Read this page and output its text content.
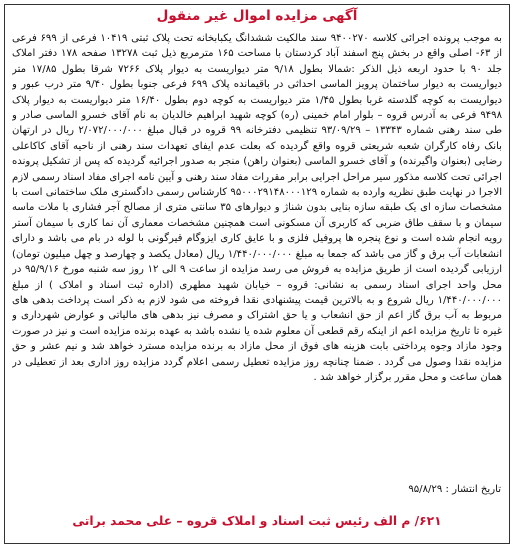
آگهی مزایده اموال غیر منقول
به موجب پرونده اجرائی کلاسه ۹۴۰۰۲۷۰ سند مالکیت ششدانگ یکبابخانه تحت پلاک ثبتی ۱۰۴۱۹ فرعی از ۶۹۹ فرعی از ۶۳- اصلی واقع در بخش پنج اسفند آباد کردستان با مساحت ۱۶۵ مترمربع ذیل ثبت ۱۳۲۷۸ صفحه ۱۷۸ دفتر املاک جلد ۹۰ با حدود اربعه ذیل الذکر :شمالا بطول ۹/۱۸ متر دیواریست به دیوار پلاک ۷۲۶۶ شرقا بطول ۱۷/۸۵ متر دیواریست به دیوار ساختمان پرویز الماسی احداثی در باقیمانده پلاک ۶۹۹ فرعی جنوبا بطول ۹/۴۰ متر درب عبور و دیواریست به کوچه گلدسته غربا بطول ۱/۴۵ متر دیواریست به کوچه دوم بطول ۱۶/۴۰ متر دیواریست به دیوار پلاک ۹۴۹۸ فرعی به آدرس قروه – بلوار امام خمینی (ره) کوچه شهید ابراهیم خالدیان به نام آقای خسرو الماسی صادر و طی سند رهنی شماره ۱۳۳۴۳ – ۹۳/۰۹/۲۹ تنظیمی دفترخانه ۹۹ قروه در قبال مبلغ ۲/۰۷۲/۰۰۰/۰۰۰ ریال در ارتهان بانک رفاه کارگران شعبه شریعتی قروه واقع گردیده که بعلت عدم ایفای تعهدات سند رهنی از ناحیه آقای کاکاعلی رضایی (بعنوان واگیرنده) و آقای خسرو الماسی (بعنوان راهن) منجر به صدور اجرائیه گردیده که پس از تشکیل پرونده اجرائی تحت کلاسه مذکور سیر مراحل اجرایی برابر مقررات مفاد سند رهنی و آیین نامه اجرای مفاد اسناد رسمی لازم الاجرا در نهایت طبق نظریه وارده به شماره ۹۵۰۰۰۲۹۱۴۸۰۰۰۱۲۹ کارشناس رسمی دادگستری ملک ساختمانی است با مشخصات سازه ای یک طبقه سازه بنایی بدون شناژ و دیوارهای ۳۵ سانتی متری از مصالح آجر فشاری با ملات ماسه سیمان و با سقف طاق ضربی که کاربری آن مسکونی است همچنین مشخصات معماری آن نما کاری با سیمان آستر رویه انجام شده است و نوع پنجره ها پروفیل فلزی و با عایق کاری ایزوگام قیرگونی با لوله در بام می باشد و دارای انشعابات آب برق و گاز می باشد که جمعا به مبلغ ۱/۴۴۰/۰۰۰/۰۰۰ ریال (معادل یکصد و چهارصد و چهل میلیون تومان) ارزیابی گردیده است از طریق مزایده به فروش می رسد مزایده از ساعت ۹ الی ۱۲ روز سه شنبه مورخ ۹۵/۹/۱۶ در محل واحد اجرای اسناد رسمی به نشانی: قروه – خیابان شهید مطهری (اداره ثبت اسناد و املاک ) از مبلغ ۱/۴۴۰/۰۰۰/۰۰۰ ریال شروع و به بالاترین قیمت پیشنهادی نقدا فروخته می شود لازم به ذکر است پرداخت بدهی های مربوط به آب برق گاز اعم از حق انشعاب و یا حق اشتراک و مصرف نیز بدهی های مالیاتی و عوارض شهرداری و غیره تا تاریخ مزایده اعم از اینکه رقم قطعی آن معلوم شده یا نشده باشد به عهده برنده مزایده است و نیز در صورت وجود مازاد وجوه پرداختی بابت هزینه های فوق از محل مازاد به برنده مزایده مسترد خواهد شد و نیم عشر و حق مزایده نقدا وصول می گردد . ضمنا چنانچه روز مزایده تعطیل رسمی اعلام گردد مزایده روز اداری بعد از تعطیلی در همان ساعت و محل مقرر برگزار خواهد شد .
تاریخ انتشار : ۹۵/۸/۲۹
۶۲۱/ م الف رئیس ثبت اسناد و املاک قروه – علی محمد براتی
